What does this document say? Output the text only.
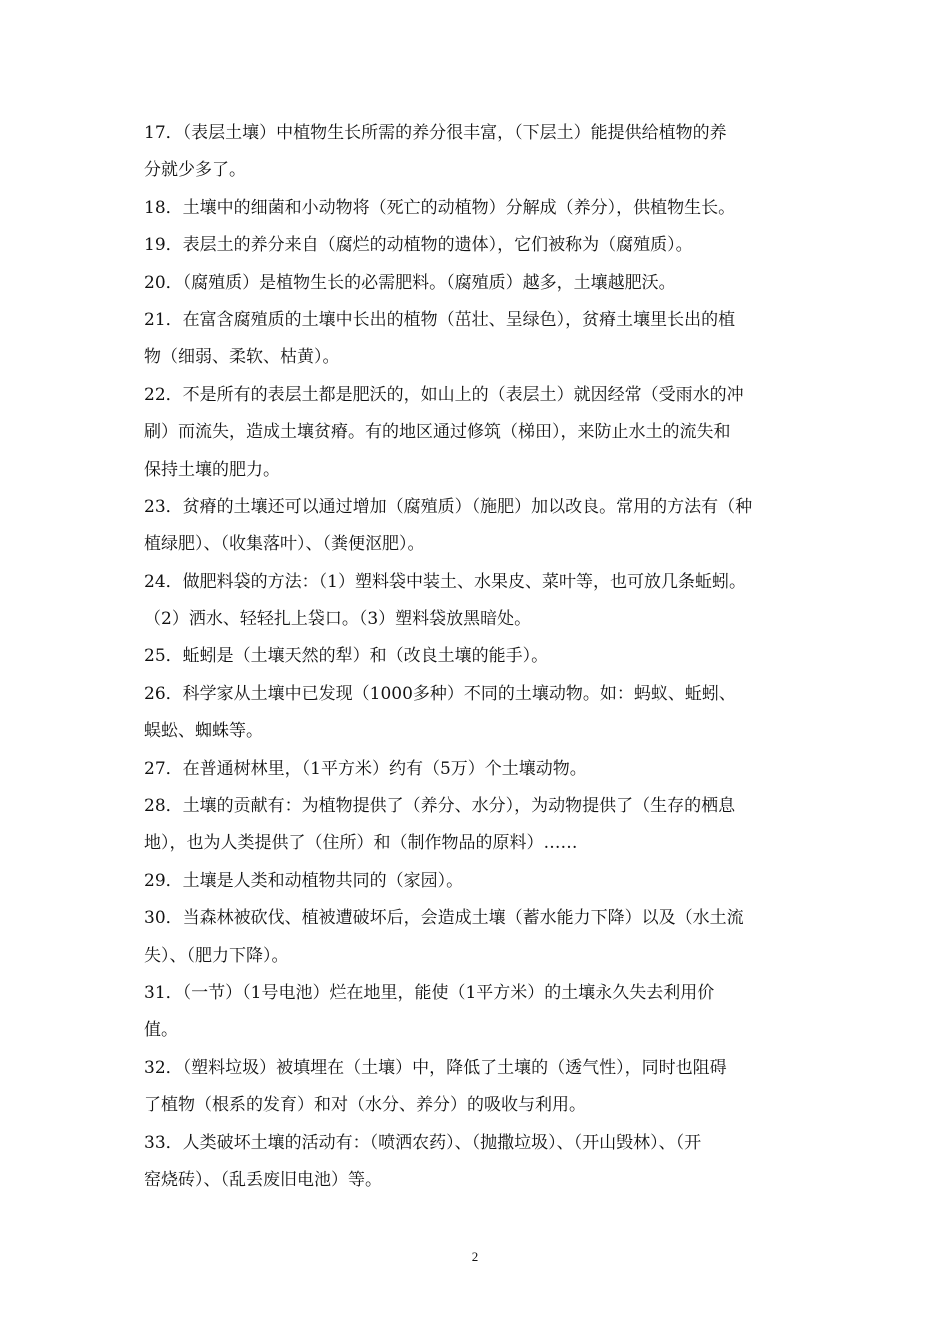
17．（表层土壤）中植物生长所需的养分很丰富，（下层土）能提供给植物的养
分就少多了。
18．土壤中的细菌和小动物将（死亡的动植物）分解成（养分），供植物生长。
19．表层土的养分来自（腐烂的动植物的遗体），它们被称为（腐殖质）。
20．（腐殖质）是植物生长的必需肥料。（腐殖质）越多，土壤越肥沃。
21．在富含腐殖质的土壤中长出的植物（茁壮、呈绿色），贫瘠土壤里长出的植
物（细弱、柔软、枯黄）。
22．不是所有的表层土都是肥沃的，如山上的（表层土）就因经常（受雨水的冲
刷）而流失，造成土壤贫瘠。有的地区通过修筑（梯田），来防止水土的流失和
保持土壤的肥力。
23．贫瘠的土壤还可以通过增加（腐殖质）（施肥）加以改良。常用的方法有（种
植绿肥）、（收集落叶）、（粪便沤肥）。
24．做肥料袋的方法：（1）塑料袋中装土、水果皮、菜叶等，也可放几条蚯蚓。
（2）洒水、轻轻扎上袋口。（3）塑料袋放黑暗处。
25．蚯蚓是（土壤天然的犁）和（改良土壤的能手）。
26．科学家从土壤中已发现（1000多种）不同的土壤动物。如：蚂蚁、蚯蚓、
蜈蚣、蜘蛛等。
27．在普通树林里，（1平方米）约有（5万）个土壤动物。
28．土壤的贡献有：为植物提供了（养分、水分），为动物提供了（生存的栖息
地），也为人类提供了（住所）和（制作物品的原料）……
29．土壤是人类和动植物共同的（家园）。
30．当森林被砍伐、植被遭破坏后，会造成土壤（蓄水能力下降）以及（水土流
失）、（肥力下降）。
31．（一节）（1号电池）烂在地里，能使（1平方米）的土壤永久失去利用价
值。
32．（塑料垃圾）被填埋在（土壤）中，降低了土壤的（透气性），同时也阻碍
了植物（根系的发育）和对（水分、养分）的吸收与利用。
33．人类破坏土壤的活动有：（喷洒农药）、（抛撒垃圾）、（开山毁林）、（开
窑烧砖）、（乱丢废旧电池）等。
2
